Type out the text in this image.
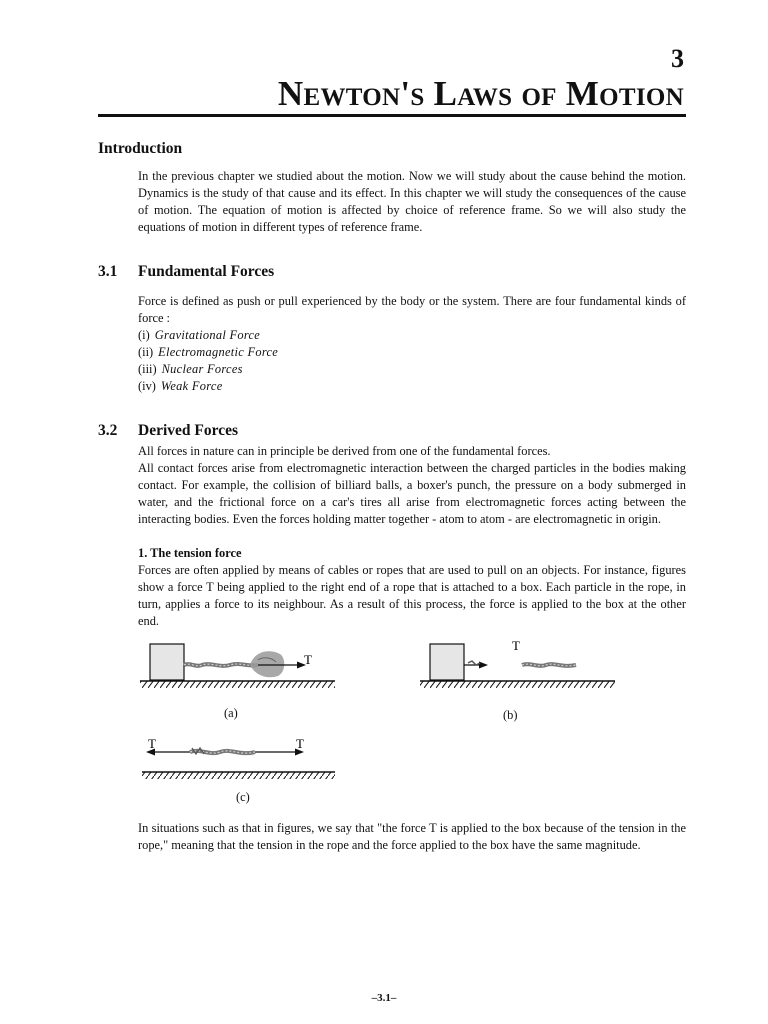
3
Newton's Laws of Motion
Introduction

In the previous chapter we studied about the motion. Now we will study about the cause behind the motion. Dynamics is the study of that cause and its effect. In this chapter we will study the consequences of the cause of motion. The equation of motion is affected by choice of reference frame. So we will also study the equations of motion in different types of reference frame.

3.1 Fundamental Forces

Force is defined as push or pull experienced by the body or the system. There are four fundamental kinds of force :

(i) Gravitational Force
(ii) Electromagnetic Force
(iii) Nuclear Forces
(iv) Weak Force
3.2 Derived Forces

All forces in nature can in principle be derived from one of the fundamental forces.

All contact forces arise from electromagnetic interaction between the charged particles in the bodies making contact. For example, the collision of billiard balls, a boxer's punch, the pressure on a body submerged in water, and the frictional force on a car's tires all arise from electromagnetic forces acting between the interacting bodies. Even the forces holding matter together - atom to atom - are electromagnetic in origin.

1. The tension force

Forces are often applied by means of cables or ropes that are used to pull on an objects. For instance, figures show a force T being applied to the right end of a rope that is attached to a box. Each particle in the rope, in turn, applies a force to its neighbour. As a result of this process, the force is applied to the box at the other end.

T
T
T	T
(a)	(b)
(c)

In situations such as that in figures, we say that "the force T is applied to the box because of the tension in the rope," meaning that the tension in the rope and the force applied to the box have the same magnitude.

–3.1–
